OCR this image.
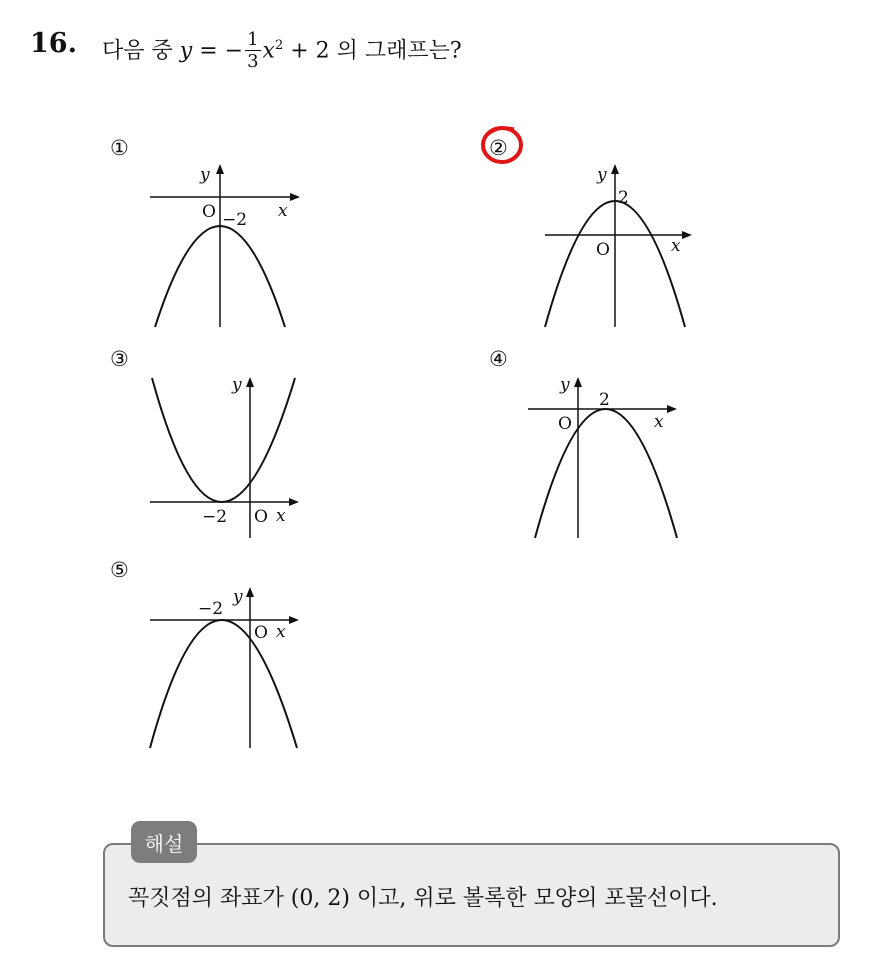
16. 다음 중 y = − $\frac{1}{3} x^2 + 2$ 의 그래프는?
①
y
x
O −2
②
y
x
O
2
③
y
x
O
−2
④
y
x
O
2
⑤
y
x
O
−2
해설
꼭짓점의 좌표가 (0, 2) 이고, 위로 볼록한 모양의 포물선이다.
